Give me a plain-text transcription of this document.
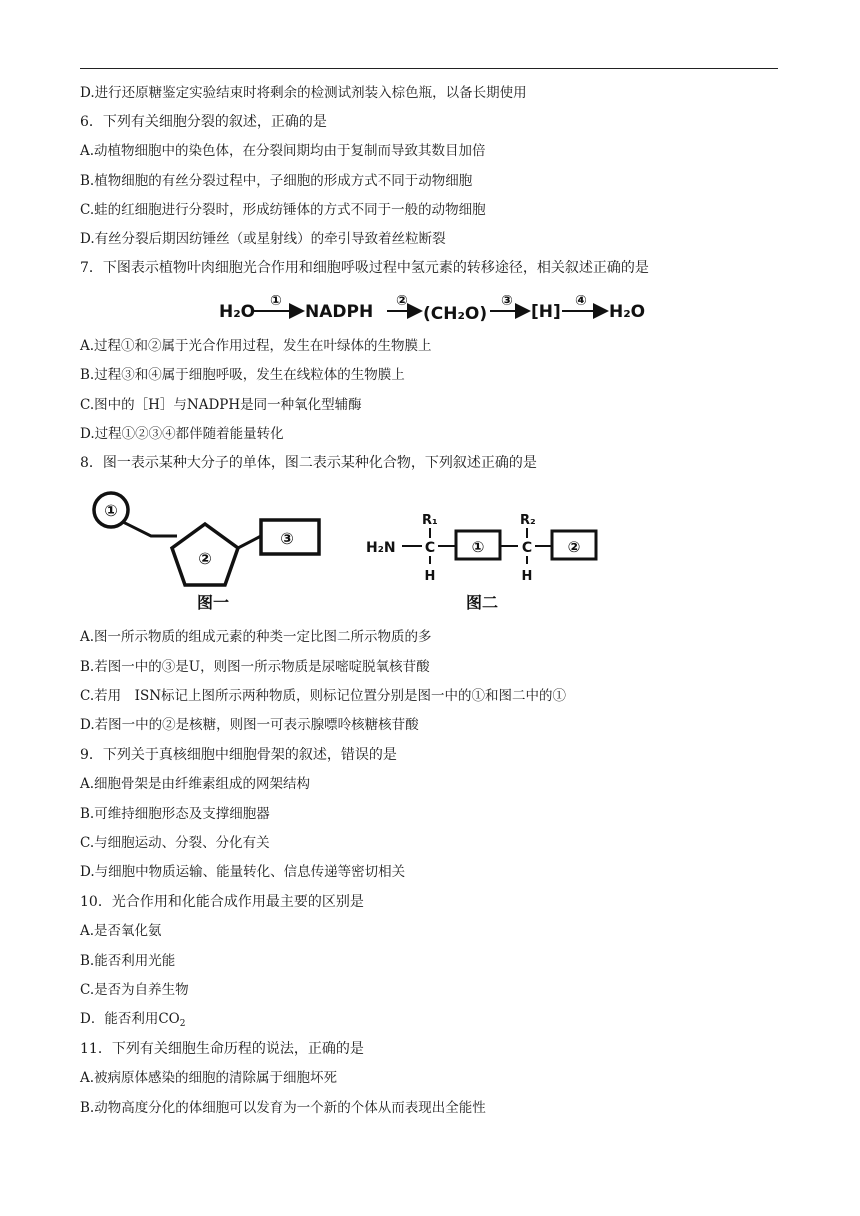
D.进行还原糖鉴定实验结束时将剩余的检测试剂装入棕色瓶，以备长期使用
6．下列有关细胞分裂的叙述，正确的是
A.动植物细胞中的染色体，在分裂间期均由于复制而导致其数目加倍
B.植物细胞的有丝分裂过程中，子细胞的形成方式不同于动物细胞
C.蛙的红细胞进行分裂时，形成纺锤体的方式不同于一般的动物细胞
D.有丝分裂后期因纺锤丝（或星射线）的牵引导致着丝粒断裂
7．下图表示植物叶肉细胞光合作用和细胞呼吸过程中氢元素的转移途径，相关叙述正确的是
H₂O
①
NADPH
②
(CH₂O)
③
[H]
④
H₂O
A.过程①和②属于光合作用过程，发生在叶绿体的生物膜上
B.过程③和④属于细胞呼吸，发生在线粒体的生物膜上
C.图中的［H］与NADPH是同一种氧化型辅酶
D.过程①②③④都伴随着能量转化
8．图一表示某种大分子的单体，图二表示某种化合物，下列叙述正确的是
①
②
③
图一
H₂N
R₁
C
H
①
R₂
C
H
②
图二
A.图一所示物质的组成元素的种类一定比图二所示物质的多
B.若图一中的③是U，则图一所示物质是尿嘧啶脱氧核苷酸
C.若用　ISN标记上图所示两种物质，则标记位置分别是图一中的①和图二中的①
D.若图一中的②是核糖，则图一可表示腺嘌呤核糖核苷酸
9．下列关于真核细胞中细胞骨架的叙述，错误的是
A.细胞骨架是由纤维素组成的网架结构
B.可维持细胞形态及支撑细胞器
C.与细胞运动、分裂、分化有关
D.与细胞中物质运输、能量转化、信息传递等密切相关
10．光合作用和化能合成作用最主要的区别是
A.是否氧化氨
B.能否利用光能
C.是否为自养生物
D．能否利用$CO_2$
11．下列有关细胞生命历程的说法，正确的是
A.被病原体感染的细胞的清除属于细胞坏死
B.动物高度分化的体细胞可以发育为一个新的个体从而表现出全能性
